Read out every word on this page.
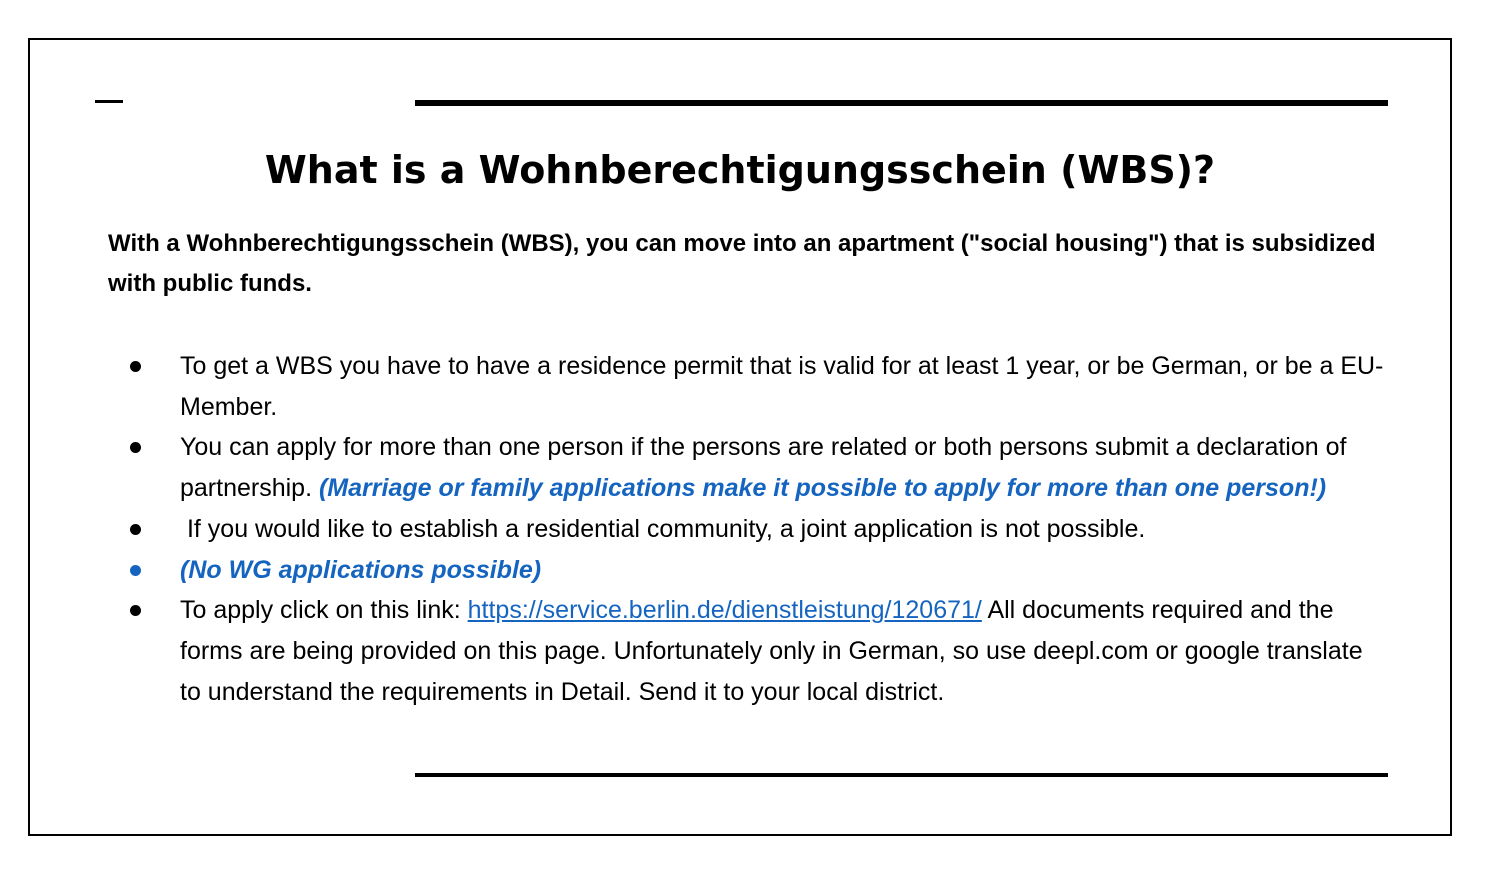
What is a Wohnberechtigungsschein (WBS)?

With a Wohnberechtigungsschein (WBS), you can move into an apartment ("social housing") that is subsidized with public funds.

To get a WBS you have to have a residence permit that is valid for at least 1 year, or be German, or be a EU-Member.
You can apply for more than one person if the persons are related or both persons submit a declaration of partnership. (Marriage or family applications make it possible to apply for more than one person!)
If you would like to establish a residential community, a joint application is not possible.
(No WG applications possible)
To apply click on this link: https://service.berlin.de/dienstleistung/120671/ All documents required and the forms are being provided on this page. Unfortunately only in German, so use deepl.com or google translate to understand the requirements in Detail. Send it to your local district.
